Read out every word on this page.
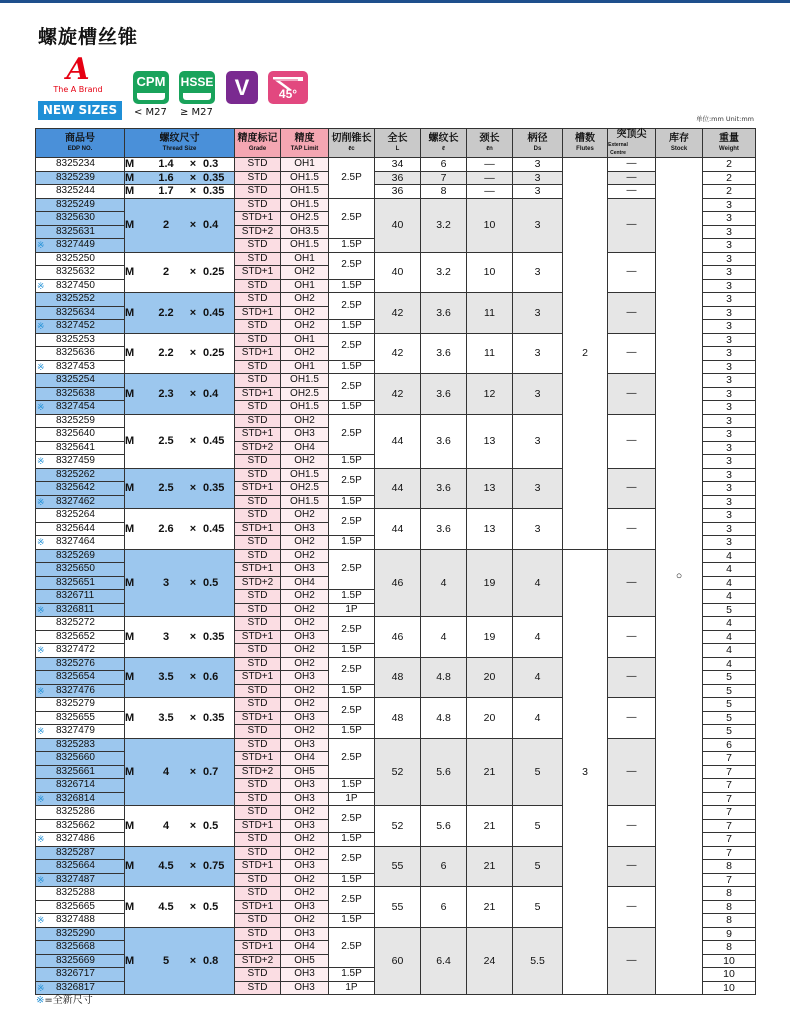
螺旋槽丝锥
A
The A Brand
NEW SIZES
CPM HSSE V	45°
< M27 ≥ M27
单位:mm Unit:mm
商品号
EDP NO.	螺纹尺寸
Thread Size	精度标记
Grade	精度
TAP Limit	切削锥长
ℓc	全长
L	螺纹长
ℓ	颈长
ℓn	柄径
Ds	槽数
Flutes	突顶尖
External Centre	库存
Stock	重量
Weight

8325234	M 1.4 × 0.3	STD	OH1	2.5P	34	6	—	3	2	—	○	2
8325239	M 1.6 × 0.35	STD	OH1.5		36	7	—	3		—		2
8325244	M 1.7 × 0.35	STD	OH1.5		36	8	—	3		—		2
8325249	M 2 × 0.4	STD	OH1.5	2.5P	40	3.2	10	3		—		3
8325630		STD+1	OH2.5									3
8325631		STD+2	OH3.5									3

※ 8327449		STD	OH1.5	1.5P								3
8325250	M 2 × 0.25	STD	OH1	2.5P	40	3.2	10	3		—		3
8325632		STD+1	OH2									3

※ 8327450		STD	OH1	1.5P								3
8325252	M 2.2 × 0.45	STD	OH2	2.5P	42	3.6	11	3		—		3
8325634		STD+1	OH2									3

※ 8327452		STD	OH2	1.5P								3
8325253	M 2.2 × 0.25	STD	OH1	2.5P	42	3.6	11	3		—		3
8325636		STD+1	OH2									3

※ 8327453		STD	OH1	1.5P								3
8325254	M 2.3 × 0.4	STD	OH1.5	2.5P	42	3.6	12	3		—		3
8325638		STD+1	OH2.5									3

※ 8327454		STD	OH1.5	1.5P								3
8325259	M 2.5 × 0.45	STD	OH2	2.5P	44	3.6	13	3		—		3
8325640		STD+1	OH3									3
8325641		STD+2	OH4									3

※ 8327459		STD	OH2	1.5P								3
8325262	M 2.5 × 0.35	STD	OH1.5	2.5P	44	3.6	13	3		—		3
8325642		STD+1	OH2.5									3

※ 8327462		STD	OH1.5	1.5P								3
8325264	M 2.6 × 0.45	STD	OH2	2.5P	44	3.6	13	3		—		3
8325644		STD+1	OH3									3

※ 8327464		STD	OH2	1.5P								3
8325269	M 3 × 0.5	STD	OH2	2.5P	46	4	19	4	3	—		4
8325650		STD+1	OH3									4
8325651		STD+2	OH4									4
8326711		STD	OH2	1.5P								4

※ 8326811		STD	OH2	1P								5
8325272	M 3 × 0.35	STD	OH2	2.5P	46	4	19	4		—		4
8325652		STD+1	OH3									4

※ 8327472		STD	OH2	1.5P								4
8325276	M 3.5 × 0.6	STD	OH2	2.5P	48	4.8	20	4		—		4
8325654		STD+1	OH3									5

※ 8327476		STD	OH2	1.5P								5
8325279	M 3.5 × 0.35	STD	OH2	2.5P	48	4.8	20	4		—		5
8325655		STD+1	OH3									5

※ 8327479		STD	OH2	1.5P								5
8325283	M 4 × 0.7	STD	OH3	2.5P	52	5.6	21	5		—		6
8325660		STD+1	OH4									7
8325661		STD+2	OH5									7
8326714		STD	OH3	1.5P								7

※ 8326814		STD	OH3	1P								7
8325286	M 4 × 0.5	STD	OH2	2.5P	52	5.6	21	5		—		7
8325662		STD+1	OH3									7

※ 8327486		STD	OH2	1.5P								7
8325287	M 4.5 × 0.75	STD	OH2	2.5P	55	6	21	5		—		7
8325664		STD+1	OH3									8

※ 8327487		STD	OH2	1.5P								7
8325288	M 4.5 × 0.5	STD	OH2	2.5P	55	6	21	5		—		8
8325665		STD+1	OH3									8

※ 8327488		STD	OH2	1.5P								8
8325290	M 5 × 0.8	STD	OH3	2.5P	60	6.4	24	5.5		—		9
8325668		STD+1	OH4									8
8325669		STD+2	OH5									10
8326717		STD	OH3	1.5P								10

※ 8326817		STD	OH3	1P								10
※=全新尺寸
